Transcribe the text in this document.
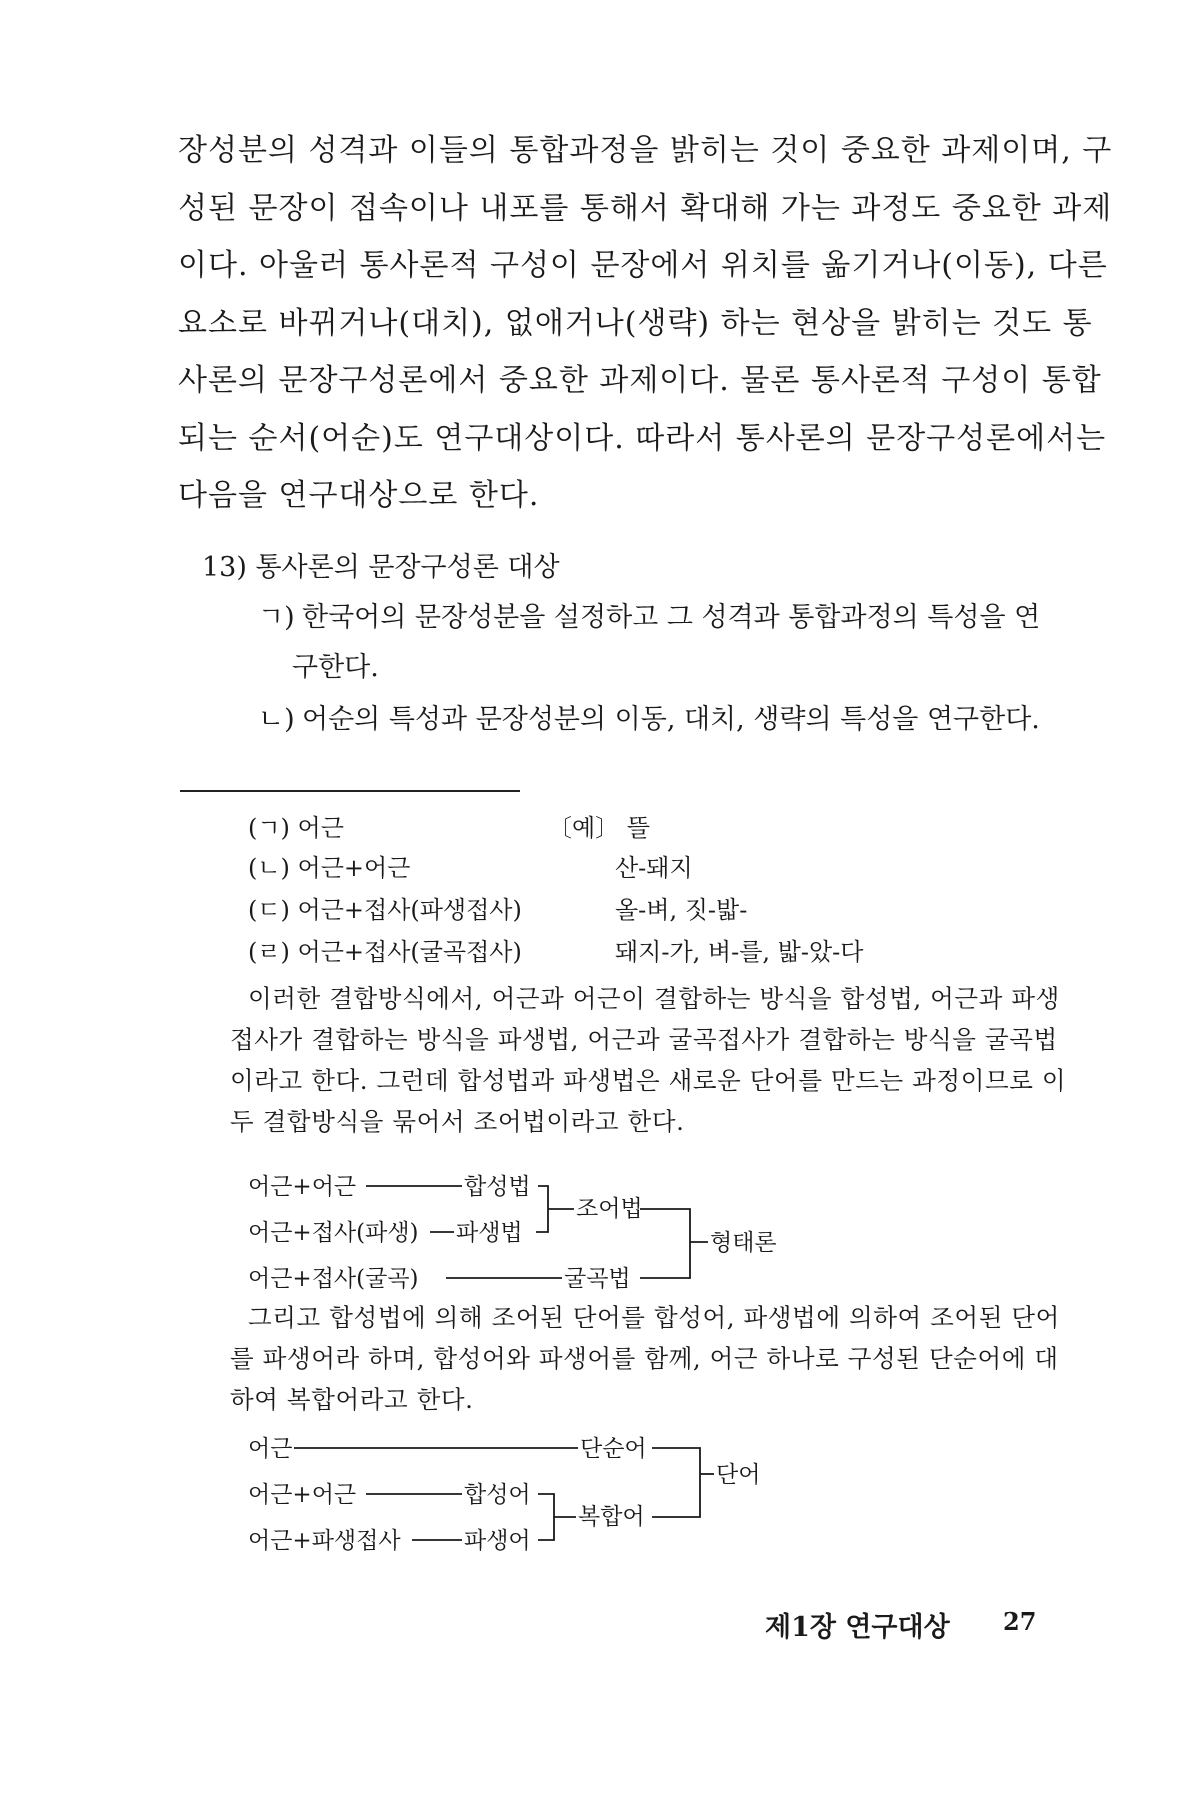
장성분의 성격과 이들의 통합과정을 밝히는 것이 중요한 과제이며, 구
성된 문장이 접속이나 내포를 통해서 확대해 가는 과정도 중요한 과제
이다. 아울러 통사론적 구성이 문장에서 위치를 옮기거나(이동), 다른
요소로 바뀌거나(대치), 없애거나(생략) 하는 현상을 밝히는 것도 통
사론의 문장구성론에서 중요한 과제이다. 물론 통사론적 구성이 통합
되는 순서(어순)도 연구대상이다. 따라서 통사론의 문장구성론에서는
다음을 연구대상으로 한다.
13) 통사론의 문장구성론 대상
ㄱ) 한국어의 문장성분을 설정하고 그 성격과 통합과정의 특성을 연
구한다.
ㄴ) 어순의 특성과 문장성분의 이동, 대치, 생략의 특성을 연구한다.
(ㄱ) 어근	〔예〕 뜰
(ㄴ) 어근+어근	산-돼지
(ㄷ) 어근+접사(파생접사)	올-벼, 짓-밟-
(ㄹ) 어근+접사(굴곡접사)	돼지-가, 벼-를, 밟-았-다
이러한 결합방식에서, 어근과 어근이 결합하는 방식을 합성법, 어근과 파생
접사가 결합하는 방식을 파생법, 어근과 굴곡접사가 결합하는 방식을 굴곡법
이라고 한다. 그런데 합성법과 파생법은 새로운 단어를 만드는 과정이므로 이
두 결합방식을 묶어서 조어법이라고 한다.
어근+어근	합성법
어근+접사(파생) 파생법
어근+접사(굴곡)	굴곡법
조어법
형태론
그리고 합성법에 의해 조어된 단어를 합성어, 파생법에 의하여 조어된 단어
를 파생어라 하며, 합성어와 파생어를 함께, 어근 하나로 구성된 단순어에 대
하여 복합어라고 한다.
어근	단순어
어근+어근	합성어
어근+파생접사	파생어
복합어
단어
제1장 연구대상 27
